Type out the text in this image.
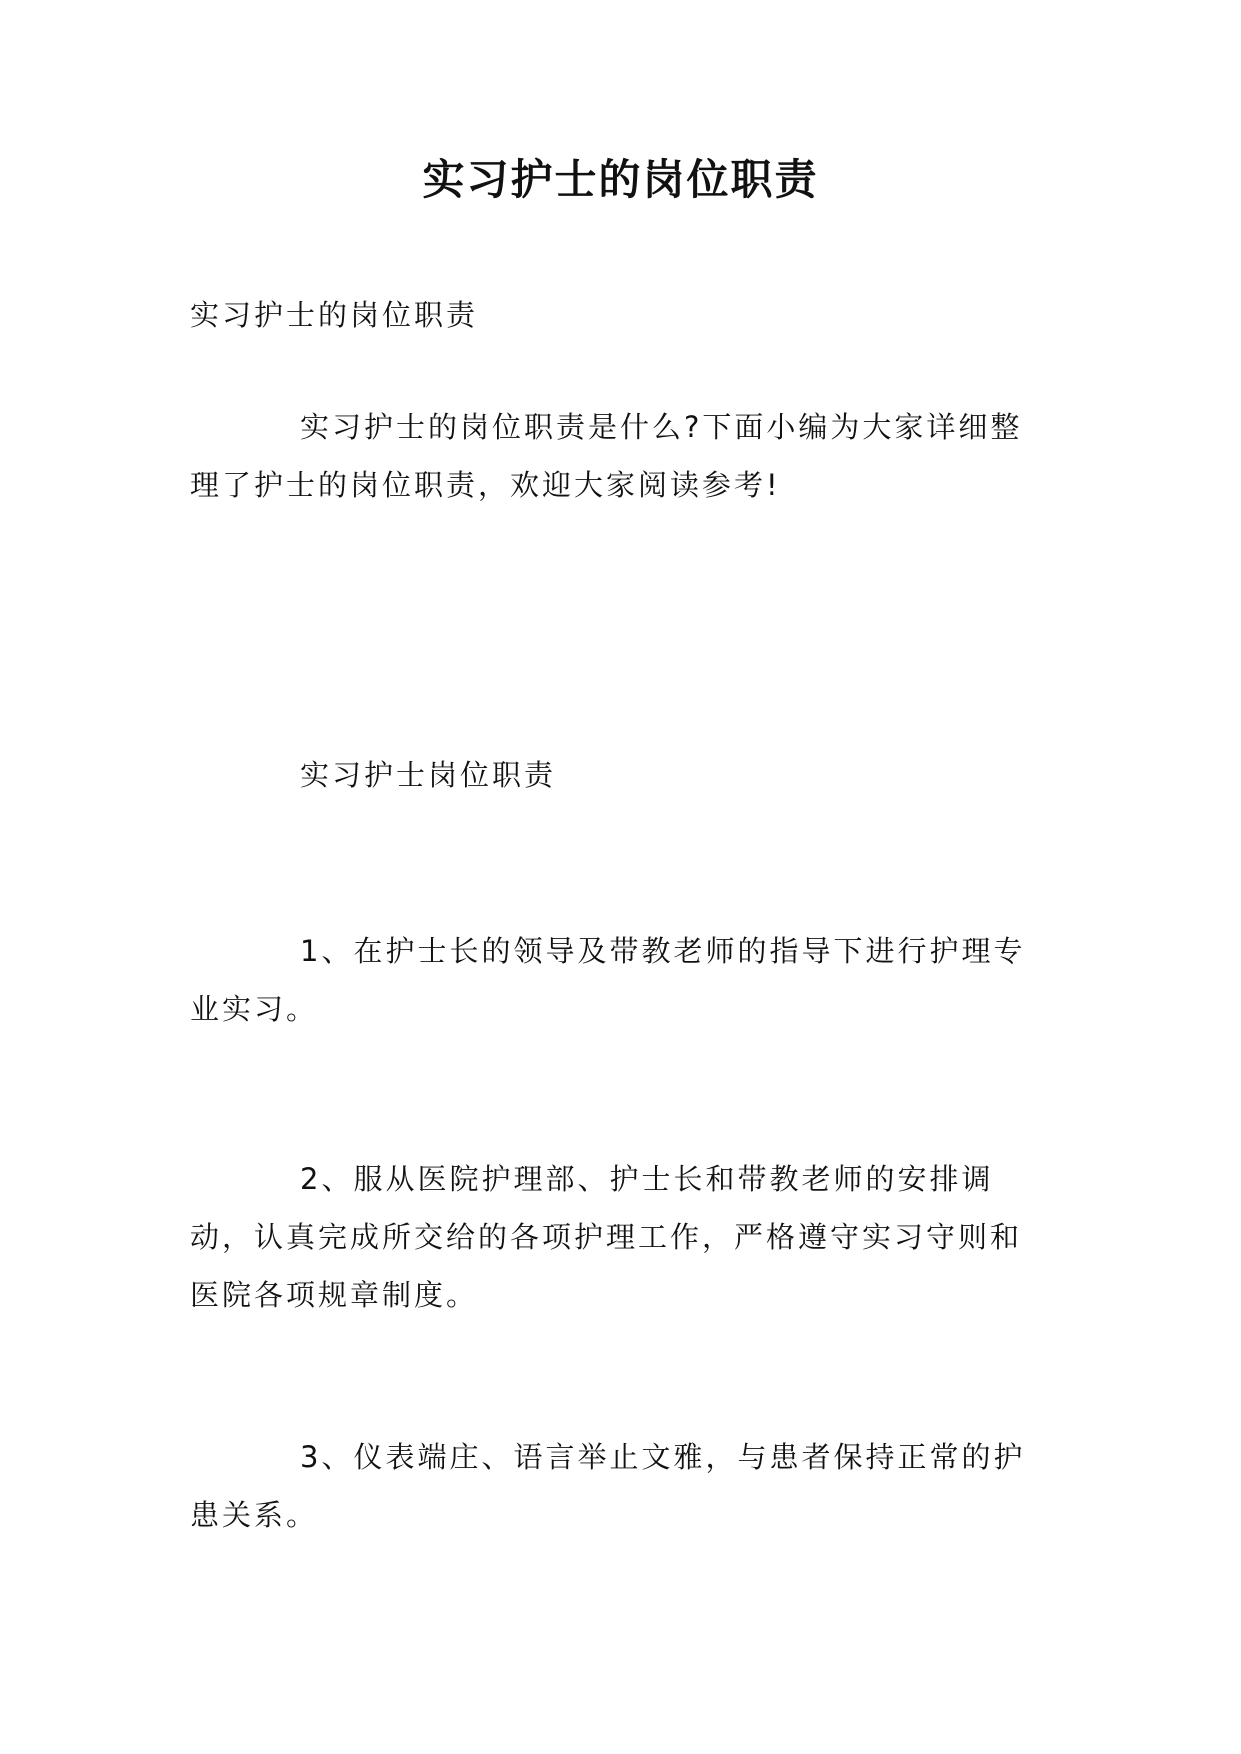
实习护士的岗位职责

实习护士的岗位职责

实习护士的岗位职责是什么?下面小编为大家详细整理了护士的岗位职责，欢迎大家阅读参考!

实习护士岗位职责

1、在护士长的领导及带教老师的指导下进行护理专业实习。

2、服从医院护理部、护士长和带教老师的安排调动，认真完成所交给的各项护理工作，严格遵守实习守则和医院各项规章制度。

3、仪表端庄、语言举止文雅，与患者保持正常的护患关系。
